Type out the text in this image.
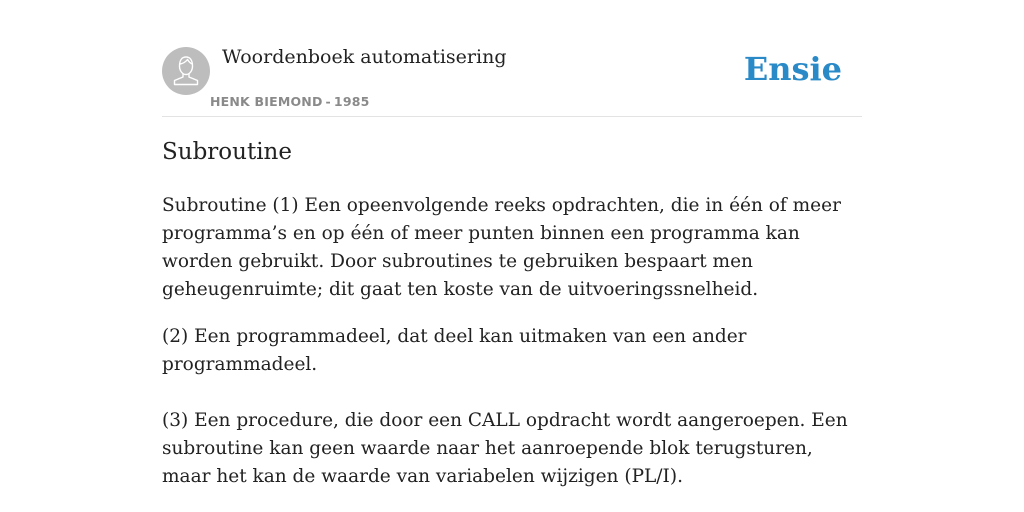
Woordenboek automatisering
HENK BIEMOND - 1985
Ensie
Subroutine

Subroutine (1) Een opeenvolgende reeks opdrachten, die in één of meer programma’s en op één of meer punten binnen een programma kan worden gebruikt. Door subroutines te gebruiken bespaart men geheugenruimte; dit gaat ten koste van de uitvoeringssnelheid.

(2) Een programmadeel, dat deel kan uitmaken van een ander programmadeel.

(3) Een procedure, die door een CALL opdracht wordt aangeroepen. Een subroutine kan geen waarde naar het aanroepende blok terugsturen, maar het kan de waarde van variabelen wijzigen (PL/I).
